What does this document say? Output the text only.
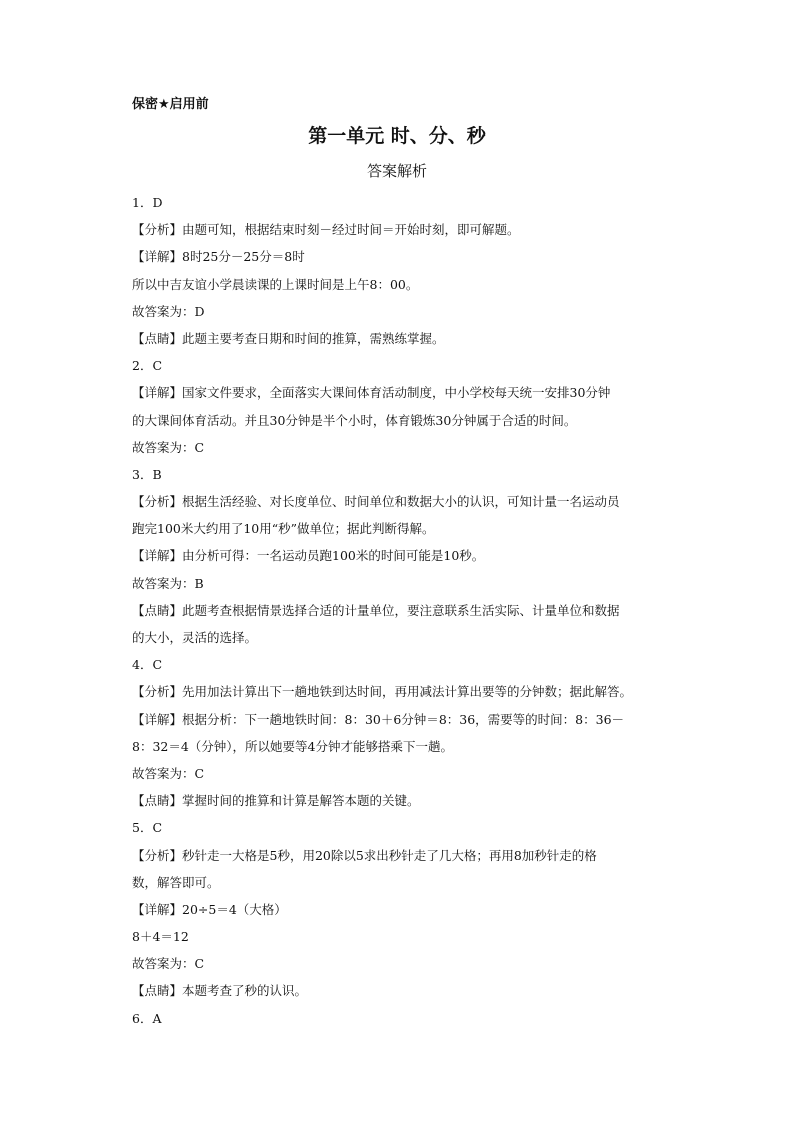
保密★启用前
第一单元 时、分、秒
答案解析
1．D
【分析】由题可知，根据结束时刻－经过时间＝开始时刻，即可解题。
【详解】8时25分－25分＝8时
所以中吉友谊小学晨读课的上课时间是上午8：00。
故答案为：D
【点睛】此题主要考查日期和时间的推算，需熟练掌握。
2．C
【详解】国家文件要求，全面落实大课间体育活动制度，中小学校每天统一安排30分钟
的大课间体育活动。并且30分钟是半个小时，体育锻炼30分钟属于合适的时间。
故答案为：C
3．B
【分析】根据生活经验、对长度单位、时间单位和数据大小的认识，可知计量一名运动员
跑完100米大约用了10用“秒”做单位；据此判断得解。
【详解】由分析可得：一名运动员跑100米的时间可能是10秒。
故答案为：B
【点睛】此题考查根据情景选择合适的计量单位，要注意联系生活实际、计量单位和数据
的大小，灵活的选择。
4．C
【分析】先用加法计算出下一趟地铁到达时间，再用减法计算出要等的分钟数；据此解答。
【详解】根据分析：下一趟地铁时间：8：30＋6分钟＝8：36，需要等的时间：8：36－
8：32＝4（分钟），所以她要等4分钟才能够搭乘下一趟。
故答案为：C
【点睛】掌握时间的推算和计算是解答本题的关键。
5．C
【分析】秒针走一大格是5秒，用20除以5求出秒针走了几大格；再用8加秒针走的格
数，解答即可。
【详解】20÷5＝4（大格）
8＋4＝12
故答案为：C
【点睛】本题考查了秒的认识。
6．A
